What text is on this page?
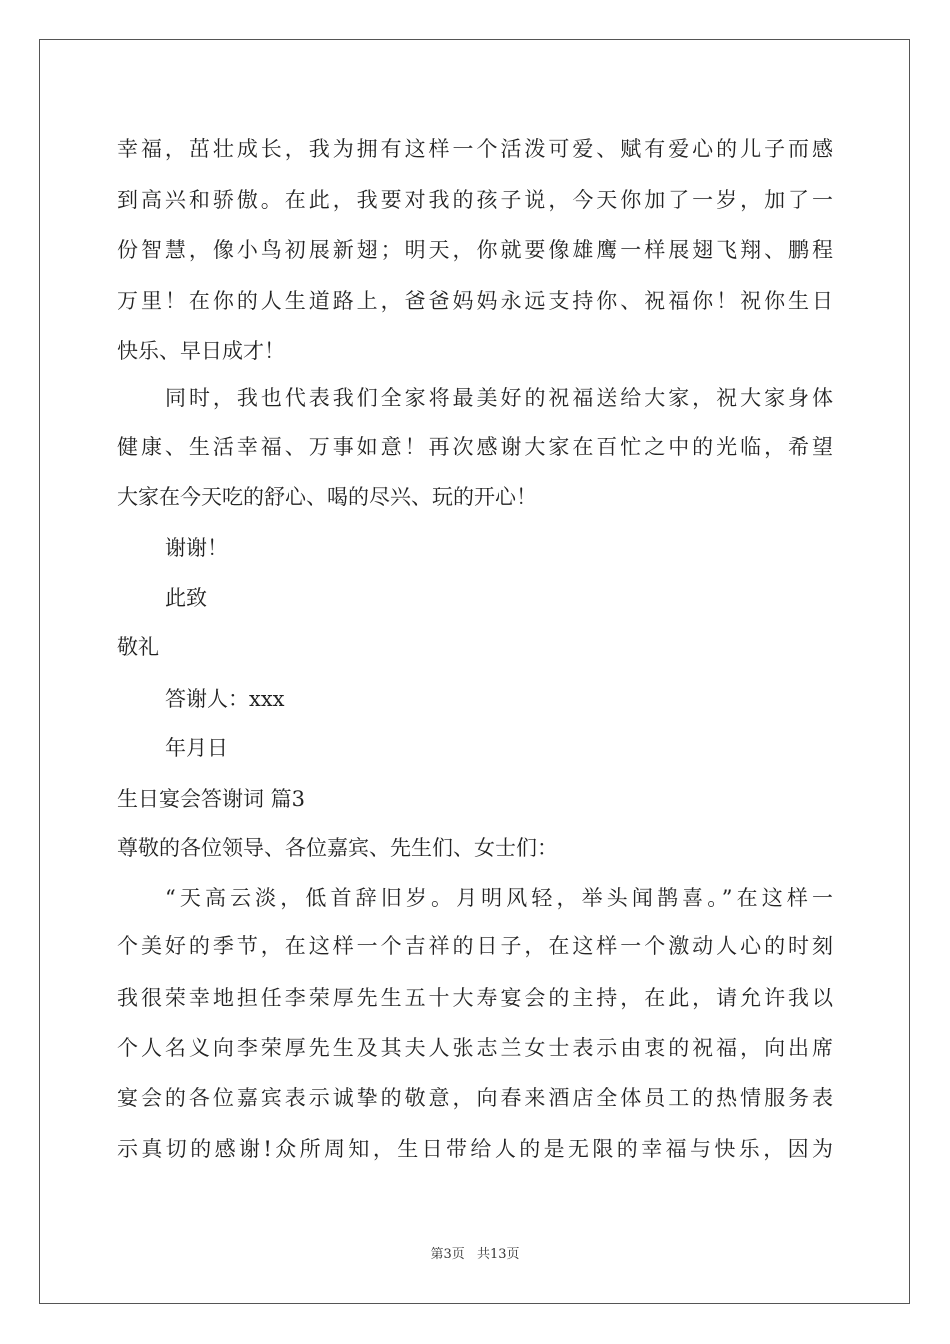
幸福，茁壮成长，我为拥有这样一个活泼可爱、赋有爱心的儿子而感

到高兴和骄傲。在此，我要对我的孩子说，今天你加了一岁，加了一

份智慧，像小鸟初展新翅；明天，你就要像雄鹰一样展翅飞翔、鹏程

万里！在你的人生道路上，爸爸妈妈永远支持你、祝福你！祝你生日

快乐、早日成才！

同时，我也代表我们全家将最美好的祝福送给大家，祝大家身体

健康、生活幸福、万事如意！再次感谢大家在百忙之中的光临，希望

大家在今天吃的舒心、喝的尽兴、玩的开心！

谢谢！

此致

敬礼

答谢人：xxx

年月日

生日宴会答谢词 篇3

尊敬的各位领导、各位嘉宾、先生们、女士们：

“天高云淡，低首辞旧岁。月明风轻，举头闻鹊喜。”在这样一

个美好的季节，在这样一个吉祥的日子，在这样一个激动人心的时刻

我很荣幸地担任李荣厚先生五十大寿宴会的主持，在此，请允许我以

个人名义向李荣厚先生及其夫人张志兰女士表示由衷的祝福，向出席

宴会的各位嘉宾表示诚挚的敬意，向春来酒店全体员工的热情服务表

示真切的感谢!众所周知，生日带给人的是无限的幸福与快乐，因为

第3页 共13页
